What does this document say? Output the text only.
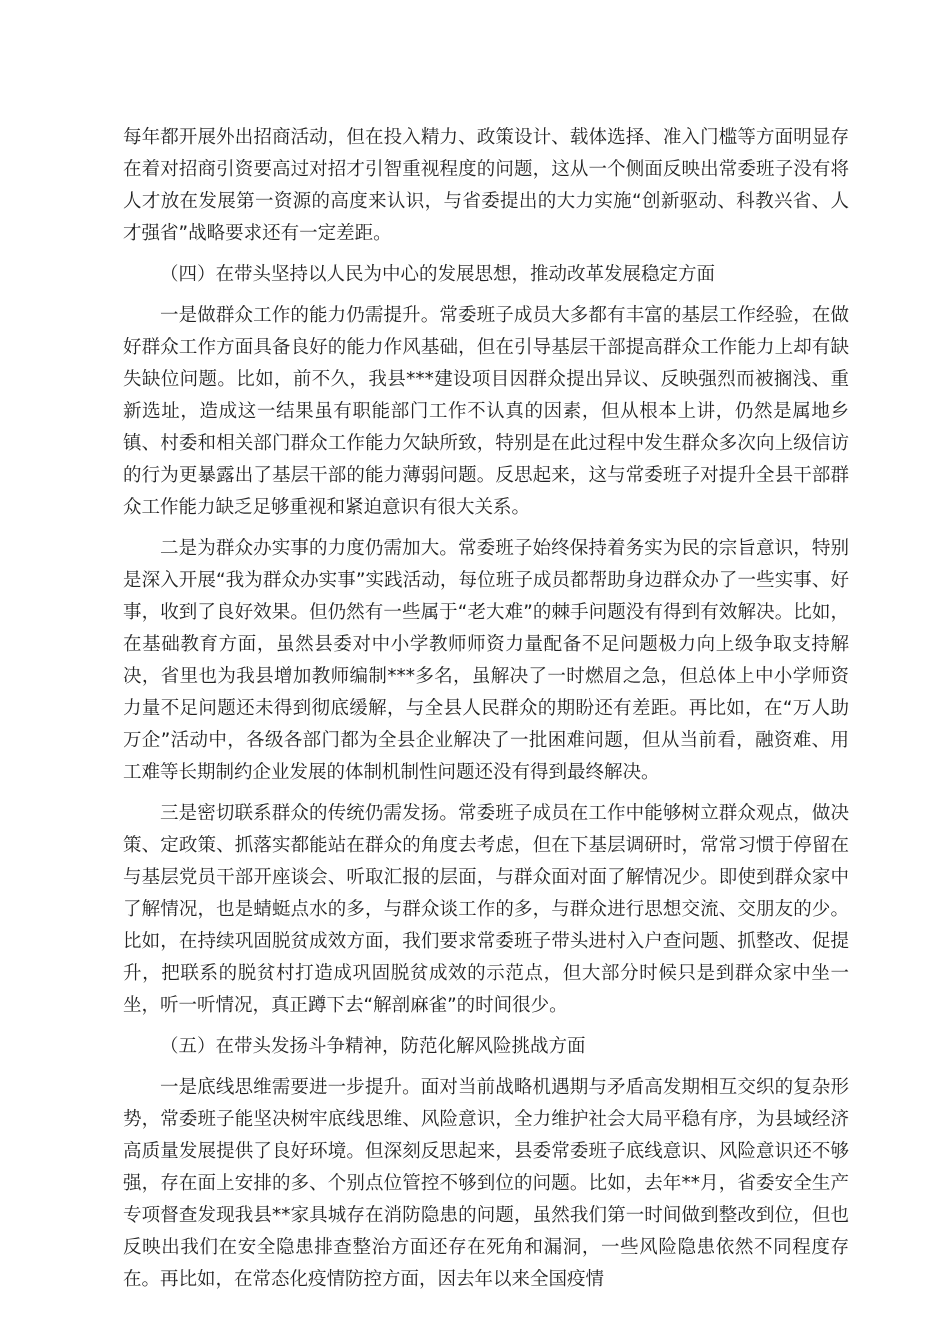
每年都开展外出招商活动，但在投入精力、政策设计、载体选择、准入门槛等方面明显存在着对招商引资要高过对招才引智重视程度的问题，这从一个侧面反映出常委班子没有将人才放在发展第一资源的高度来认识，与省委提出的大力实施“创新驱动、科教兴省、人才强省”战略要求还有一定差距。

（四）在带头坚持以人民为中心的发展思想，推动改革发展稳定方面

一是做群众工作的能力仍需提升。常委班子成员大多都有丰富的基层工作经验，在做好群众工作方面具备良好的能力作风基础，但在引导基层干部提高群众工作能力上却有缺失缺位问题。比如，前不久，我县***建设项目因群众提出异议、反映强烈而被搁浅、重新选址，造成这一结果虽有职能部门工作不认真的因素，但从根本上讲，仍然是属地乡镇、村委和相关部门群众工作能力欠缺所致，特别是在此过程中发生群众多次向上级信访的行为更暴露出了基层干部的能力薄弱问题。反思起来，这与常委班子对提升全县干部群众工作能力缺乏足够重视和紧迫意识有很大关系。

二是为群众办实事的力度仍需加大。常委班子始终保持着务实为民的宗旨意识，特别是深入开展“我为群众办实事”实践活动，每位班子成员都帮助身边群众办了一些实事、好事，收到了良好效果。但仍然有一些属于“老大难”的棘手问题没有得到有效解决。比如，在基础教育方面，虽然县委对中小学教师师资力量配备不足问题极力向上级争取支持解决，省里也为我县增加教师编制***多名，虽解决了一时燃眉之急，但总体上中小学师资力量不足问题还未得到彻底缓解，与全县人民群众的期盼还有差距。再比如，在“万人助万企”活动中，各级各部门都为全县企业解决了一批困难问题，但从当前看，融资难、用工难等长期制约企业发展的体制机制性问题还没有得到最终解决。

三是密切联系群众的传统仍需发扬。常委班子成员在工作中能够树立群众观点，做决策、定政策、抓落实都能站在群众的角度去考虑，但在下基层调研时，常常习惯于停留在与基层党员干部开座谈会、听取汇报的层面，与群众面对面了解情况少。即使到群众家中了解情况，也是蜻蜓点水的多，与群众谈工作的多，与群众进行思想交流、交朋友的少。比如，在持续巩固脱贫成效方面，我们要求常委班子带头进村入户查问题、抓整改、促提升，把联系的脱贫村打造成巩固脱贫成效的示范点，但大部分时候只是到群众家中坐一坐，听一听情况，真正蹲下去“解剖麻雀”的时间很少。

（五）在带头发扬斗争精神，防范化解风险挑战方面

一是底线思维需要进一步提升。面对当前战略机遇期与矛盾高发期相互交织的复杂形势，常委班子能坚决树牢底线思维、风险意识，全力维护社会大局平稳有序，为县域经济高质量发展提供了良好环境。但深刻反思起来，县委常委班子底线意识、风险意识还不够强，存在面上安排的多、个别点位管控不够到位的问题。比如，去年**月，省委安全生产专项督查发现我县**家具城存在消防隐患的问题，虽然我们第一时间做到整改到位，但也反映出我们在安全隐患排查整治方面还存在死角和漏洞，一些风险隐患依然不同程度存在。再比如，在常态化疫情防控方面，因去年以来全国疫情
